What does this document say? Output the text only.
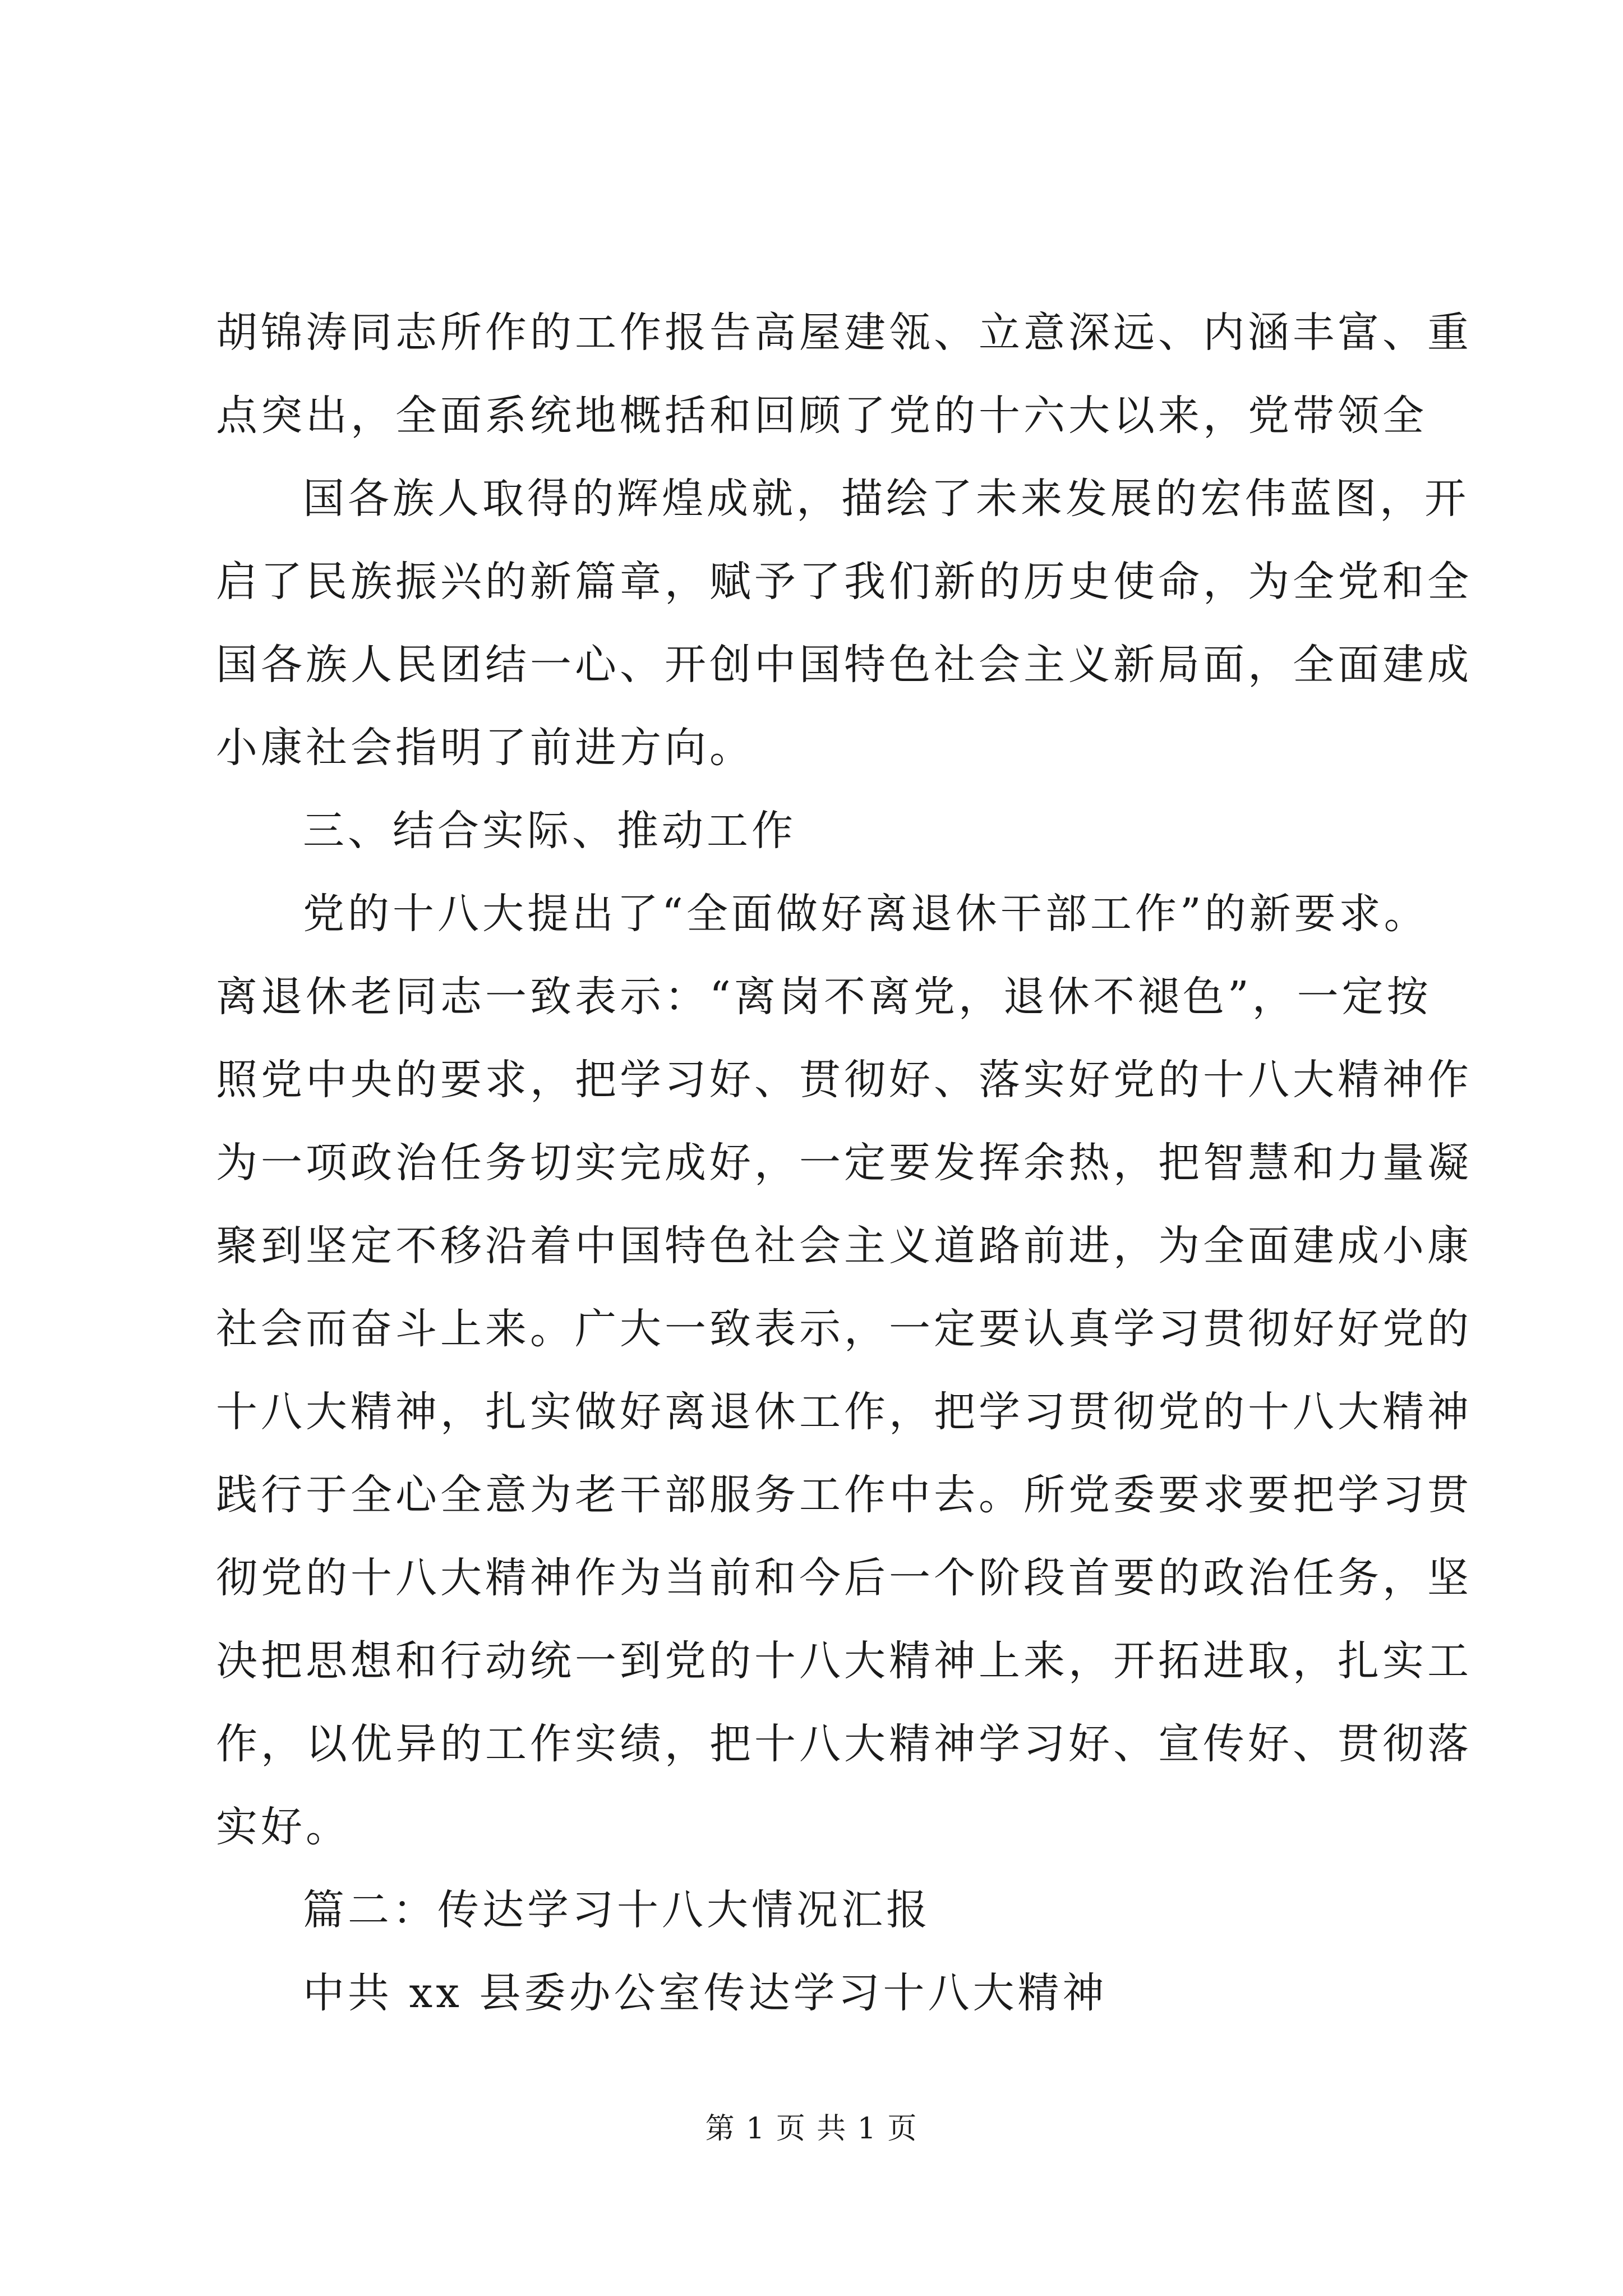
胡锦涛同志所作的工作报告高屋建瓴、立意深远、内涵丰富、重
点突出，全面系统地概括和回顾了党的十六大以来，党带领全
国各族人取得的辉煌成就，描绘了未来发展的宏伟蓝图，开
启了民族振兴的新篇章，赋予了我们新的历史使命，为全党和全
国各族人民团结一心、开创中国特色社会主义新局面，全面建成
小康社会指明了前进方向。
三、结合实际、推动工作
党的十八大提出了“全面做好离退休干部工作”的新要求。
离退休老同志一致表示：“离岗不离党，退休不褪色”，一定按
照党中央的要求，把学习好、贯彻好、落实好党的十八大精神作
为一项政治任务切实完成好，一定要发挥余热，把智慧和力量凝
聚到坚定不移沿着中国特色社会主义道路前进，为全面建成小康
社会而奋斗上来。广大一致表示，一定要认真学习贯彻好好党的
十八大精神，扎实做好离退休工作，把学习贯彻党的十八大精神
践行于全心全意为老干部服务工作中去。所党委要求要把学习贯
彻党的十八大精神作为当前和今后一个阶段首要的政治任务，坚
决把思想和行动统一到党的十八大精神上来，开拓进取，扎实工
作，以优异的工作实绩，把十八大精神学习好、宣传好、贯彻落
实好。
篇二：传达学习十八大情况汇报
中共 xx 县委办公室传达学习十八大精神
第 1 页 共 1 页
